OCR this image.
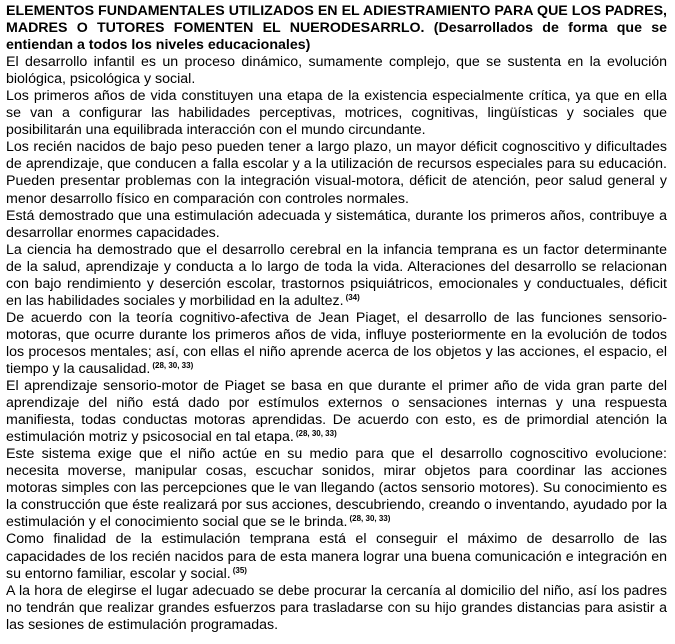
ELEMENTOS FUNDAMENTALES UTILIZADOS EN EL ADIESTRAMIENTO PARA QUE LOS PADRES, MADRES O TUTORES FOMENTEN EL NUERODESARRLO. (Desarrollados de forma que se entiendan a todos los niveles educacionales)

El desarrollo infantil es un proceso dinámico, sumamente complejo, que se sustenta en la evolución biológica, psicológica y social.

Los primeros años de vida constituyen una etapa de la existencia especialmente crítica, ya que en ella se van a configurar las habilidades perceptivas, motrices, cognitivas, lingüísticas y sociales que posibilitarán una equilibrada interacción con el mundo circundante.

Los recién nacidos de bajo peso pueden tener a largo plazo, un mayor déficit cognoscitivo y dificultades de aprendizaje, que conducen a falla escolar y a la utilización de recursos especiales para su educación. Pueden presentar problemas con la integración visual-motora, déficit de atención, peor salud general y menor desarrollo físico en comparación con controles normales.

Está demostrado que una estimulación adecuada y sistemática, durante los primeros años, contribuye a desarrollar enormes capacidades.

La ciencia ha demostrado que el desarrollo cerebral en la infancia temprana es un factor determinante de la salud, aprendizaje y conducta a lo largo de toda la vida. Alteraciones del desarrollo se relacionan con bajo rendimiento y deserción escolar, trastornos psiquiátricos, emocionales y conductuales, déficit en las habilidades sociales y morbilidad en la adultez. $^{(34)}$

De acuerdo con la teoría cognitivo-afectiva de Jean Piaget, el desarrollo de las funciones sensorio-motoras, que ocurre durante los primeros años de vida, influye posteriormente en la evolución de todos los procesos mentales; así, con ellas el niño aprende acerca de los objetos y las acciones, el espacio, el tiempo y la causalidad. $^{(28, 30, 33)}$

El aprendizaje sensorio-motor de Piaget se basa en que durante el primer año de vida gran parte del aprendizaje del niño está dado por estímulos externos o sensaciones internas y una respuesta manifiesta, todas conductas motoras aprendidas. De acuerdo con esto, es de primordial atención la estimulación motriz y psicosocial en tal etapa. $^{(28, 30, 33)}$

Este sistema exige que el niño actúe en su medio para que el desarrollo cognoscitivo evolucione: necesita moverse, manipular cosas, escuchar sonidos, mirar objetos para coordinar las acciones motoras simples con las percepciones que le van llegando (actos sensorio motores). Su conocimiento es la construcción que éste realizará por sus acciones, descubriendo, creando o inventando, ayudado por la estimulación y el conocimiento social que se le brinda. $^{(28, 30, 33)}$

Como finalidad de la estimulación temprana está el conseguir el máximo de desarrollo de las capacidades de los recién nacidos para de esta manera lograr una buena comunicación e integración en su entorno familiar, escolar y social. $^{(35)}$

A la hora de elegirse el lugar adecuado se debe procurar la cercanía al domicilio del niño, así los padres no tendrán que realizar grandes esfuerzos para trasladarse con su hijo grandes distancias para asistir a las sesiones de estimulación programadas.
